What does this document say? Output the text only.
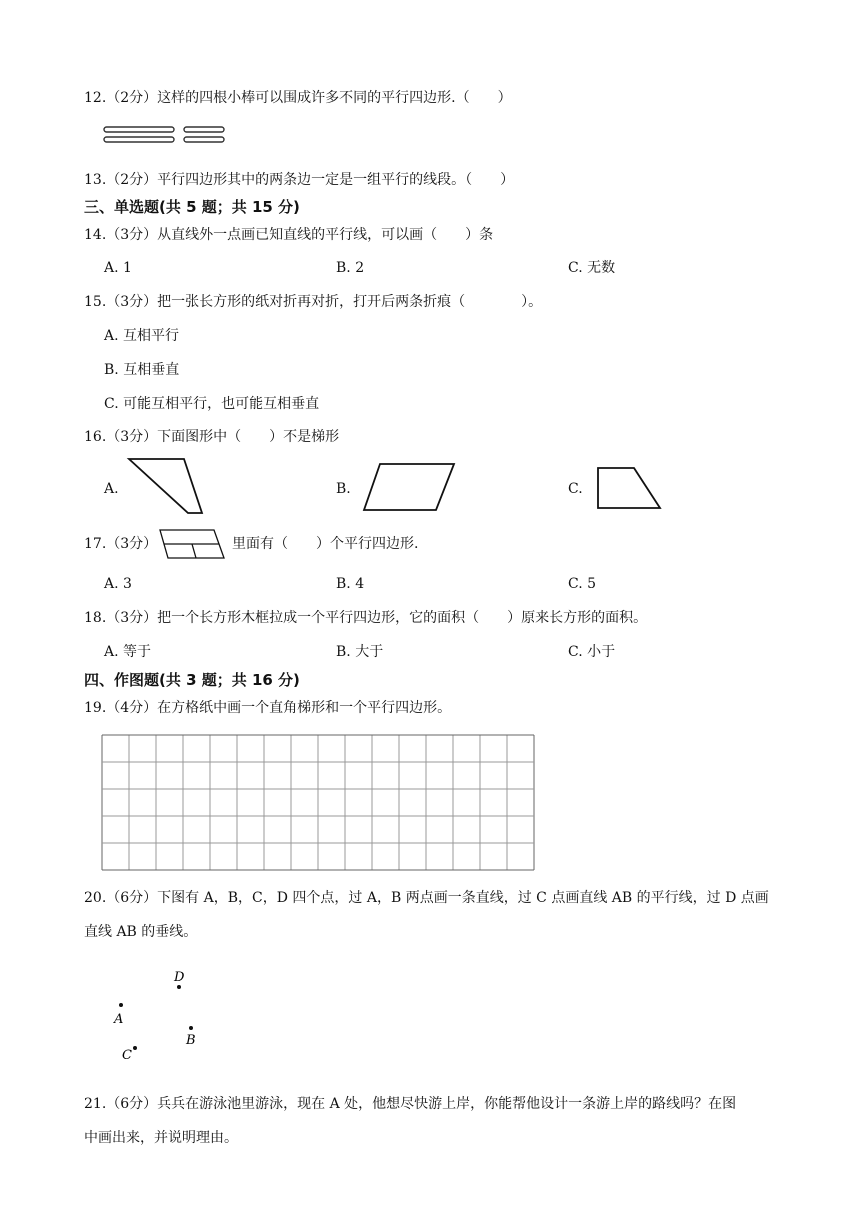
12.（2分）这样的四根小棒可以围成许多不同的平行四边形.（　　）
13.（2分）平行四边形其中的两条边一定是一组平行的线段。（　　）
三、单选题(共 5 题；共 15 分)
14.（3分）从直线外一点画已知直线的平行线，可以画（　　）条
A. 1	B. 2	C. 无数
15.（3分）把一张长方形的纸对折再对折，打开后两条折痕（　　　　）。
A. 互相平行
B. 互相垂直
C. 可能互相平行，也可能互相垂直
16.（3分）下面图形中（　　）不是梯形
A.	B.	C.
17.（3分）	里面有（　　）个平行四边形.
A. 3	B. 4	C. 5
18.（3分）把一个长方形木框拉成一个平行四边形，它的面积（　　）原来长方形的面积。
A. 等于	B. 大于	C. 小于
四、作图题(共 3 题；共 16 分)
19.（4分）在方格纸中画一个直角梯形和一个平行四边形。
20.（6分）下图有 A，B，C，D 四个点，过 A，B 两点画一条直线，过 C 点画直线 AB 的平行线，过 D 点画
直线 AB 的垂线。
D
A
B
C
21.（6分）兵兵在游泳池里游泳，现在 A 处，他想尽快游上岸，你能帮他设计一条游上岸的路线吗？在图
中画出来，并说明理由。
